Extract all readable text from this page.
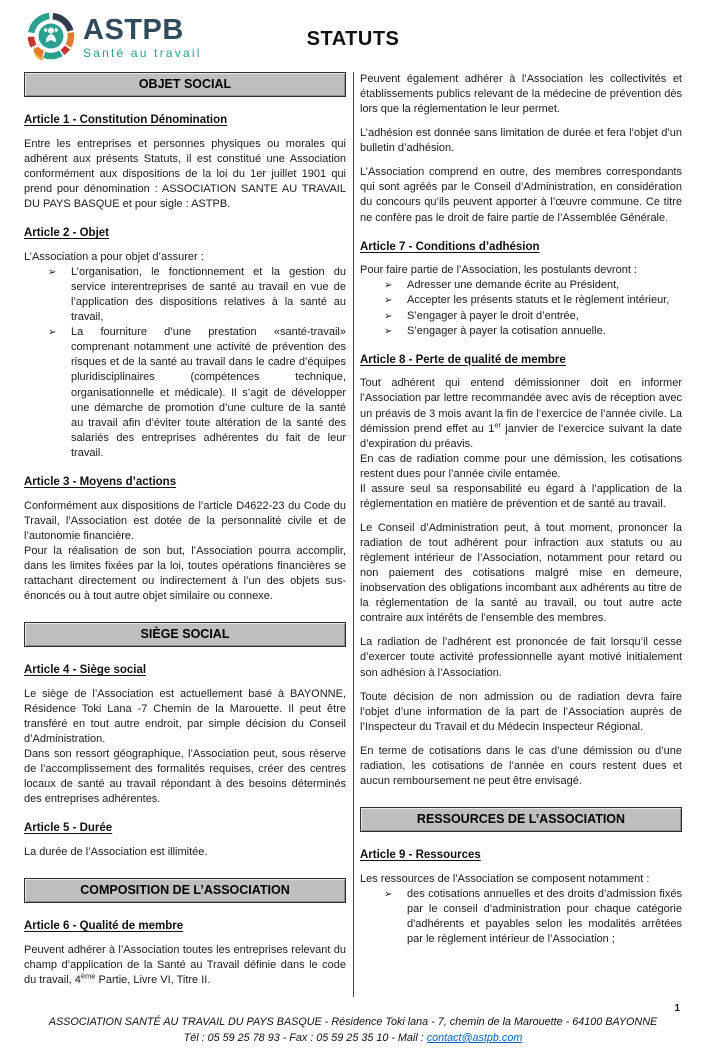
ASTPB
Santé au travail
STATUTS
OBJET SOCIAL
Article 1 - Constitution Dénomination

Entre les entreprises et personnes physiques ou morales qui adhérent aux présents Statuts, il est constitué une Association conformément aux dispositions de la loi du 1er juillet 1901 qui prend pour dénomination : ASSOCIATION SANTE AU TRAVAIL DU PAYS BASQUE et pour sigle : ASTPB.

Article 2 - Objet

L’Association a pour objet d’assurer :

➢	L’organisation, le fonctionnement et la gestion du service interentreprises de santé au travail en vue de l’application des dispositions relatives à la santé au travail,
➢	La fourniture d’une prestation «santé-travail» comprenant notamment une activité de prévention des risques et de la santé au travail dans le cadre d’équipes pluridisciplinaires (compétences technique, organisationnelle et médicale). Il s’agit de développer une démarche de promotion d’une culture de la santé au travail afin d’éviter toute altération de la santé des salariés des entreprises adhérentes du fait de leur travail.
Article 3 - Moyens d’actions

Conformément aux dispositions de l’article D4622-23 du Code du Travail, l’Association est dotée de la personnalité civile et de l’autonomie financière.

Pour la réalisation de son but, l’Association pourra accomplir, dans les limites fixées par la loi, toutes opérations financières se rattachant directement ou indirectement à l’un des objets sus-énoncés ou à tout autre objet similaire ou connexe.

SIÈGE SOCIAL
Article 4 - Siège social

Le siège de l’Association est actuellement basé à BAYONNE, Résidence Toki Lana -7 Chemin de la Marouette. Il peut être transféré en tout autre endroit, par simple décision du Conseil d’Administration.

Dans son ressort géographique, l’Association peut, sous réserve de l’accomplissement des formalités requises, créer des centres locaux de santé au travail répondant à des besoins déterminés des entreprises adhérentes.

Article 5 - Durée

La durée de l’Association est illimitée.

COMPOSITION DE L’ASSOCIATION
Article 6 - Qualité de membre

Peuvent adhérer à l’Association toutes les entreprises relevant du champ d’application de la Santé au Travail définie dans le code du travail, 4ème Partie, Livre VI, Titre II.

Peuvent également adhérer à l’Association les collectivités et établissements publics relevant de la médecine de prévention dès lors que la réglementation le leur permet.

L’adhésion est donnée sans limitation de durée et fera l’objet d’un bulletin d’adhésion.

L’Association comprend en outre, des membres correspondants qui sont agréés par le Conseil d’Administration, en considération du concours qu’ils peuvent apporter à l’œuvre commune. Ce titre ne confère pas le droit de faire partie de l’Assemblée Générale.

Article 7 - Conditions d’adhésion

Pour faire partie de l’Association, les postulants devront :

➢	Adresser une demande écrite au Président,
➢	Accepter les présents statuts et le règlement intérieur,
➢	S’engager à payer le droit d’entrée,
➢	S’engager à payer la cotisation annuelle.
Article 8 - Perte de qualité de membre

Tout adhérent qui entend démissionner doit en informer l’Association par lettre recommandée avec avis de réception avec un préavis de 3 mois avant la fin de l’exercice de l’année civile. La démission prend effet au 1er janvier de l’exercice suivant la date d’expiration du préavis.

En cas de radiation comme pour une démission, les cotisations restent dues pour l’année civile entamée.

Il assure seul sa responsabilité eu égard à l’application de la réglementation en matière de prévention et de santé au travail.

Le Conseil d’Administration peut, à tout moment, prononcer la radiation de tout adhérent pour infraction aux statuts ou au règlement intérieur de l’Association, notamment pour retard ou non paiement des cotisations malgré mise en demeure, inobservation des obligations incombant aux adhérents au titre de la réglementation de la santé au travail, ou tout autre acte contraire aux intérêts de l’ensemble des membres.

La radiation de l’adhérent est prononcée de fait lorsqu’il cesse d’exercer toute activité professionnelle ayant motivé initialement son adhésion à l’Association.

Toute décision de non admission ou de radiation devra faire l’objet d’une information de la part de l’Association auprès de l’Inspecteur du Travail et du Médecin Inspecteur Régional.

En terme de cotisations dans le cas d’une démission ou d’une radiation, les cotisations de l’année en cours restent dues et aucun remboursement ne peut être envisagé.

RESSOURCES DE L’ASSOCIATION
Article 9 - Ressources

Les ressources de l'Association se composent notamment :

➢	des cotisations annuelles et des droits d’admission fixés par le conseil d’administration pour chaque catégorie d'adhérents et payables selon les modalités arrêtées par le règlement intérieur de l’Association ;
1
ASSOCIATION SANTÉ AU TRAVAIL DU PAYS BASQUE - Résidence Toki lana - 7, chemin de la Marouette - 64100 BAYONNE
Tél : 05 59 25 78 93 - Fax : 05 59 25 35 10 - Mail : contact@astpb.com
